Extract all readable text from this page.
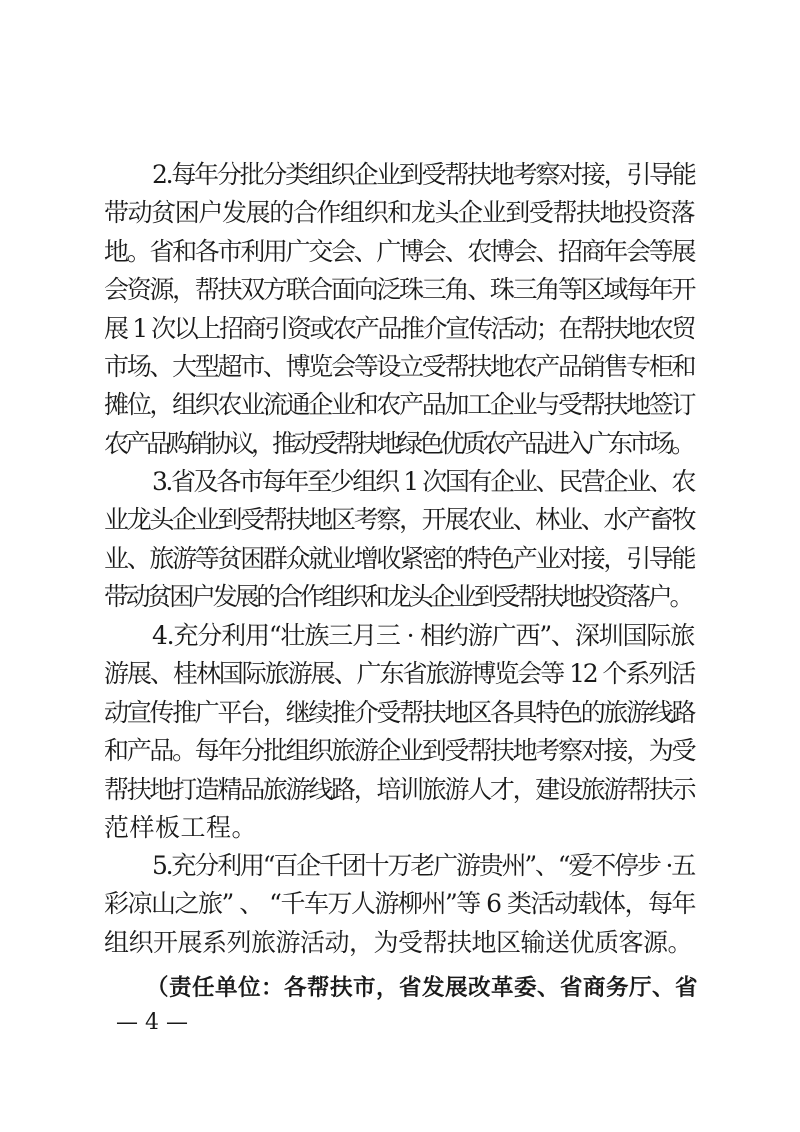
2.每年分批分类组织企业到受帮扶地考察对接，引导能
带动贫困户发展的合作组织和龙头企业到受帮扶地投资落
地。省和各市利用广交会、广博会、农博会、招商年会等展
会资源，帮扶双方联合面向泛珠三角、珠三角等区域每年开
展 1 次以上招商引资或农产品推介宣传活动；在帮扶地农贸
市场、大型超市、博览会等设立受帮扶地农产品销售专柜和
摊位，组织农业流通企业和农产品加工企业与受帮扶地签订
农产品购销协议，推动受帮扶地绿色优质农产品进入广东市场。
3.省及各市每年至少组织 1 次国有企业、民营企业、农
业龙头企业到受帮扶地区考察，开展农业、林业、水产畜牧
业、旅游等贫困群众就业增收紧密的特色产业对接，引导能
带动贫困户发展的合作组织和龙头企业到受帮扶地投资落户。
4.充分利用“壮族三月三 · 相约游广西”、深圳国际旅
游展、桂林国际旅游展、广东省旅游博览会等 12 个系列活
动宣传推广平台，继续推介受帮扶地区各具特色的旅游线路
和产品。每年分批组织旅游企业到受帮扶地考察对接，为受
帮扶地打造精品旅游线路，培训旅游人才，建设旅游帮扶示
范样板工程。
5.充分利用“百企千团十万老广游贵州”、“爱不停步 ·五
彩凉山之旅” 、 “千车万人游柳州”等 6 类活动载体，每年
组织开展系列旅游活动，为受帮扶地区输送优质客源。
（责任单位：各帮扶市，省发展改革委、省商务厅、省
— 4 —
